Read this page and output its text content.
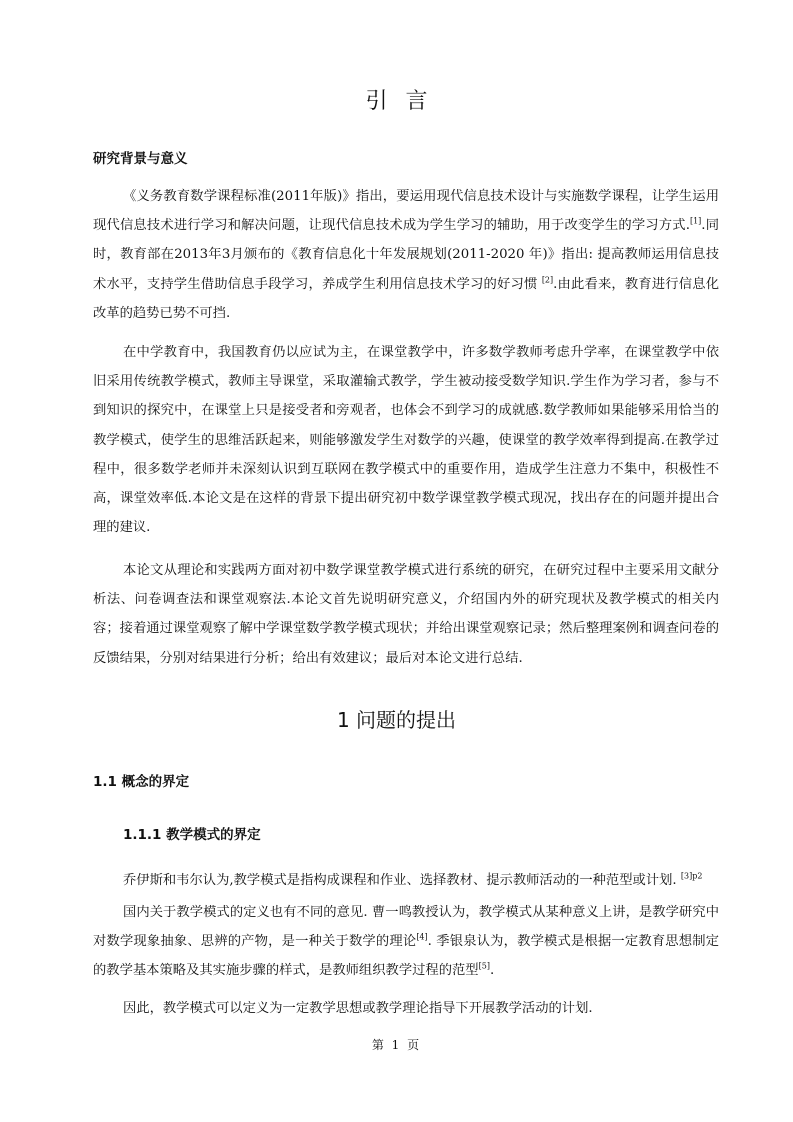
引言
研究背景与意义

《义务教育数学课程标准(2011年版)》指出，要运用现代信息技术设计与实施数学课程，让学生运用现代信息技术进行学习和解决问题，让现代信息技术成为学生学习的辅助，用于改变学生的学习方式.[1].同时，教育部在2013年3月颁布的《教育信息化十年发展规划(2011-2020 年)》指出: 提高教师运用信息技术水平，支持学生借助信息手段学习，养成学生利用信息技术学习的好习惯 [2].由此看来，教育进行信息化改革的趋势已势不可挡.

在中学教育中，我国教育仍以应试为主，在课堂教学中，许多数学教师考虑升学率，在课堂教学中依旧采用传统教学模式，教师主导课堂，采取灌输式教学，学生被动接受数学知识.学生作为学习者，参与不到知识的探究中，在课堂上只是接受者和旁观者，也体会不到学习的成就感.数学教师如果能够采用恰当的教学模式，使学生的思维活跃起来，则能够激发学生对数学的兴趣，使课堂的教学效率得到提高.在教学过程中，很多数学老师并未深刻认识到互联网在教学模式中的重要作用，造成学生注意力不集中，积极性不高，课堂效率低.本论文是在这样的背景下提出研究初中数学课堂教学模式现况，找出存在的问题并提出合理的建议.

本论文从理论和实践两方面对初中数学课堂教学模式进行系统的研究，在研究过程中主要采用文献分析法、问卷调查法和课堂观察法.本论文首先说明研究意义，介绍国内外的研究现状及教学模式的相关内容；接着通过课堂观察了解中学课堂数学教学模式现状；并给出课堂观察记录；然后整理案例和调查问卷的反馈结果，分别对结果进行分析；给出有效建议；最后对本论文进行总结.

1 问题的提出
1.1 概念的界定
1.1.1 教学模式的界定

乔伊斯和韦尔认为,教学模式是指构成课程和作业、选择教材、提示教师活动的一种范型或计划. $^{[3]p2}$

国内关于教学模式的定义也有不同的意见. 曹一鸣教授认为，教学模式从某种意义上讲，是教学研究中对数学现象抽象、思辨的产物，是一种关于数学的理论[4]. 季银泉认为，教学模式是根据一定教育思想制定的教学基本策略及其实施步骤的样式，是教师组织教学过程的范型[5].

因此，教学模式可以定义为一定教学思想或教学理论指导下开展教学活动的计划.

第 1 页
